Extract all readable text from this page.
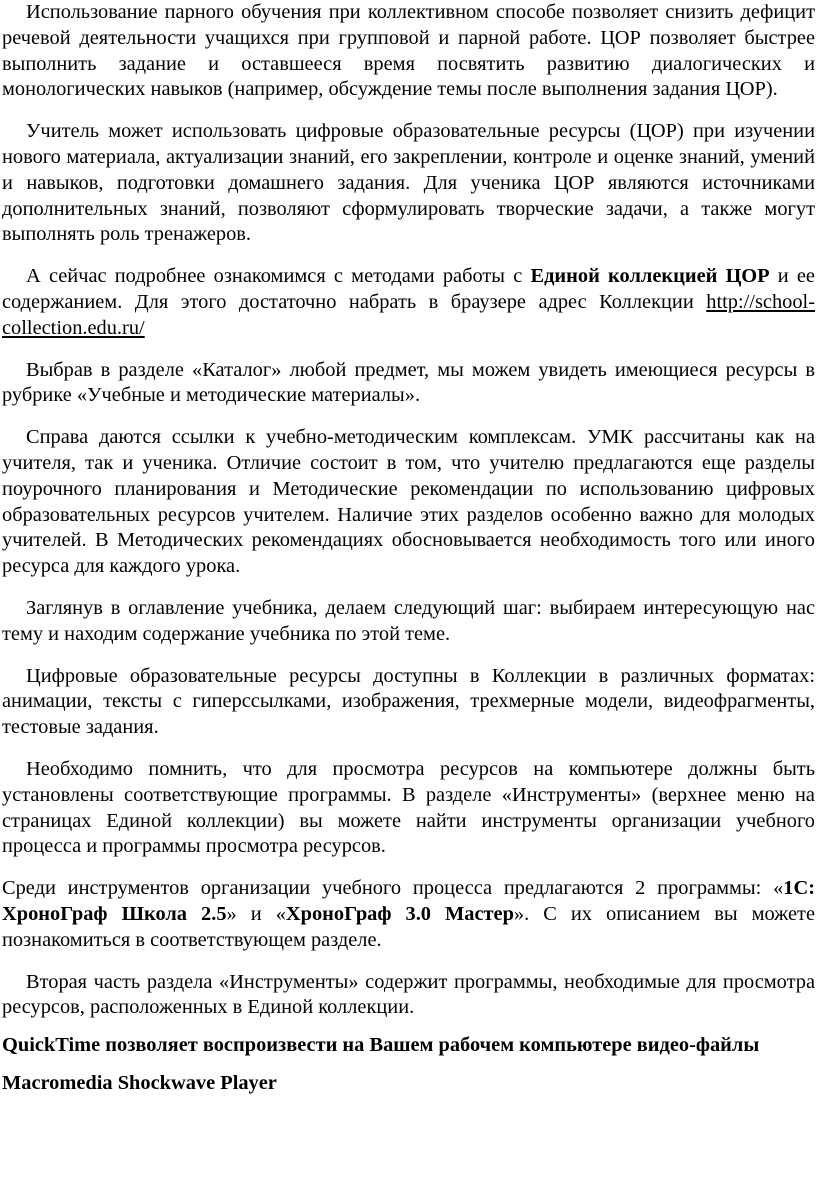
Использование парного обучения при коллективном способе позволяет снизить дефицит речевой деятельности учащихся при групповой и парной работе. ЦОР позволяет быстрее выполнить задание и оставшееся время посвятить развитию диалогических и монологических навыков (например, обсуждение темы после выполнения задания ЦОР).

Учитель может использовать цифровые образовательные ресурсы (ЦОР) при изучении нового материала, актуализации знаний, его закреплении, контроле и оценке знаний, умений и навыков, подготовки домашнего задания. Для ученика ЦОР являются источниками дополнительных знаний, позволяют сформулировать творческие задачи, а также могут выполнять роль тренажеров.

А сейчас подробнее ознакомимся с методами работы с Единой коллекцией ЦОР и ее содержанием. Для этого достаточно набрать в браузере адрес Коллекции http://school-collection.edu.ru/

Выбрав в разделе «Каталог» любой предмет, мы можем увидеть имеющиеся ресурсы в рубрике «Учебные и методические материалы».

Справа даются ссылки к учебно-методическим комплексам. УМК рассчитаны как на учителя, так и ученика. Отличие состоит в том, что учителю предлагаются еще разделы поурочного планирования и Методические рекомендации по использованию цифровых образовательных ресурсов учителем. Наличие этих разделов особенно важно для молодых учителей. В Методических рекомендациях обосновывается необходимость того или иного ресурса для каждого урока.

Заглянув в оглавление учебника, делаем следующий шаг: выбираем интересующую нас тему и находим содержание учебника по этой теме.

Цифровые образовательные ресурсы доступны в Коллекции в различных форматах: анимации, тексты с гиперссылками, изображения, трехмерные модели, видеофрагменты, тестовые задания.

Необходимо помнить, что для просмотра ресурсов на компьютере должны быть установлены соответствующие программы. В разделе «Инструменты» (верхнее меню на страницах Единой коллекции) вы можете найти инструменты организации учебного процесса и программы просмотра ресурсов.

Среди инструментов организации учебного процесса предлагаются 2 программы: «1С: ХроноГраф Школа 2.5» и «ХроноГраф 3.0 Мастер». С их описанием вы можете познакомиться в соответствующем разделе.

Вторая часть раздела «Инструменты» содержит программы, необходимые для просмотра ресурсов, расположенных в Единой коллекции.

QuickTime позволяет воспроизвести на Вашем рабочем компьютере видео-файлы

Macromedia Shockwave Player
